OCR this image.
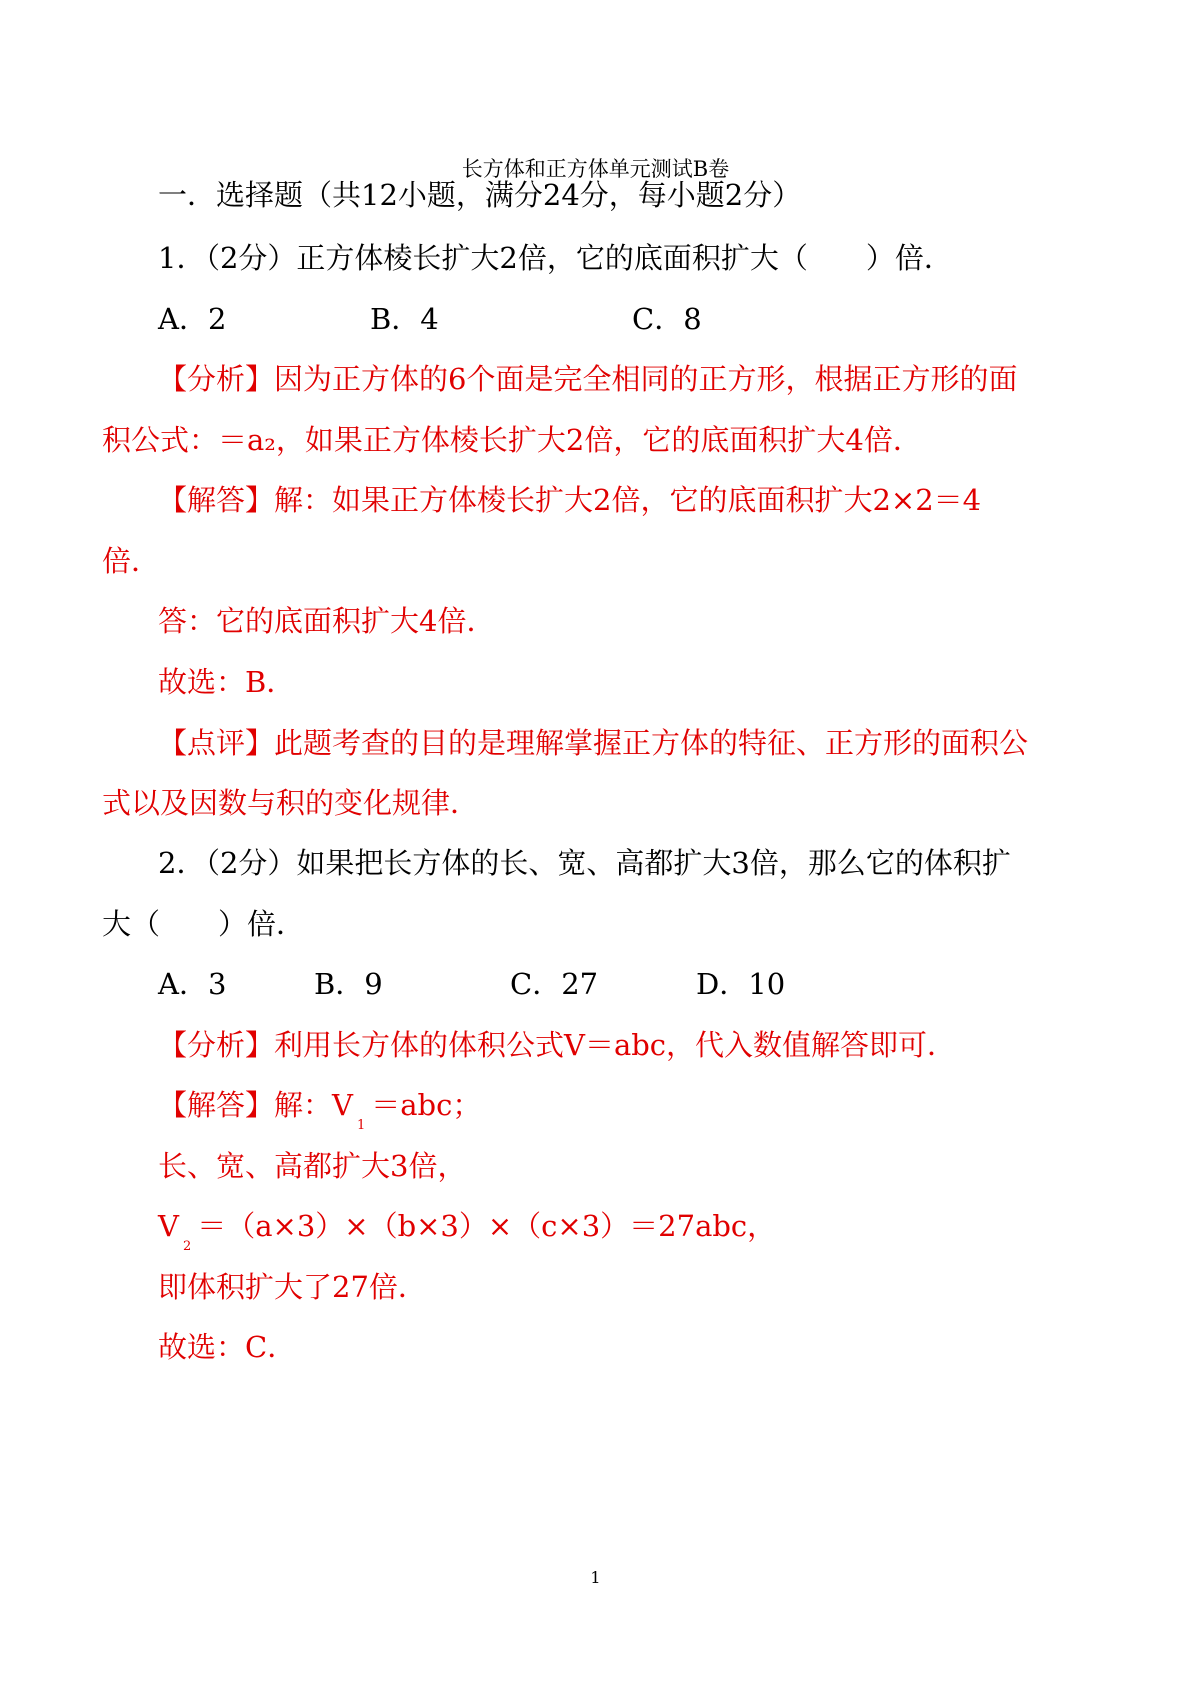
长方体和正方体单元测试B卷
一．选择题（共12小题，满分24分，每小题2分）
1．（2分）正方体棱长扩大2倍，它的底面积扩大（　　）倍．
A．2	B．4	C．8
【分析】因为正方体的6个面是完全相同的正方形，根据正方形的面
积公式：＝a₂，如果正方体棱长扩大2倍，它的底面积扩大4倍．
【解答】解：如果正方体棱长扩大2倍，它的底面积扩大2×2＝4
倍．
答：它的底面积扩大4倍．
故选：B．
【点评】此题考查的目的是理解掌握正方体的特征、正方形的面积公
式以及因数与积的变化规律．
2．（2分）如果把长方体的长、宽、高都扩大3倍，那么它的体积扩
大（　　）倍．
A．3	B．9	C．27	D．10
【分析】利用长方体的体积公式V＝abc，代入数值解答即可．
【解答】解：$V_1=abc$；
长、宽、高都扩大3倍，
$V_2=(a\times 3)\times(b\times 3)\times(c\times 3)=27abc$，
即体积扩大了27倍．
故选：C．
1
